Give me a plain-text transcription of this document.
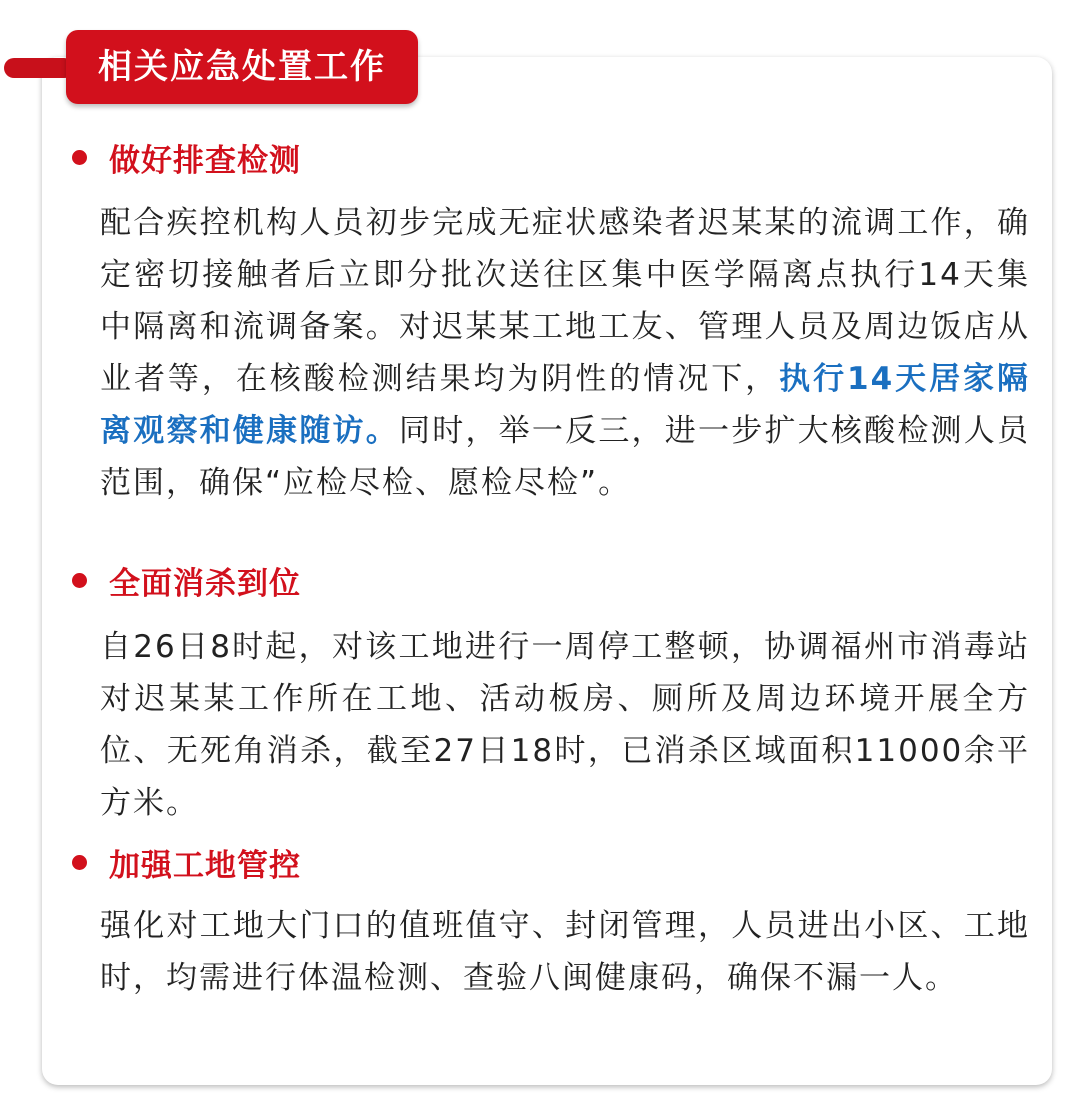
相关应急处置工作
做好排查检测

配合疾控机构人员初步完成无症状感染者迟某某的流调工作，确定密切接触者后立即分批次送往区集中医学隔离点执行14天集中隔离和流调备案。对迟某某工地工友、管理人员及周边饭店从业者等，在核酸检测结果均为阴性的情况下，执行14天居家隔离观察和健康随访。同时，举一反三，进一步扩大核酸检测人员范围，确保“应检尽检、愿检尽检”。

全面消杀到位

自26日8时起，对该工地进行一周停工整顿，协调福州市消毒站对迟某某工作所在工地、活动板房、厕所及周边环境开展全方位、无死角消杀，截至27日18时，已消杀区域面积11000余平方米。

加强工地管控

强化对工地大门口的值班值守、封闭管理，人员进出小区、工地时，均需进行体温检测、查验八闽健康码，确保不漏一人。
